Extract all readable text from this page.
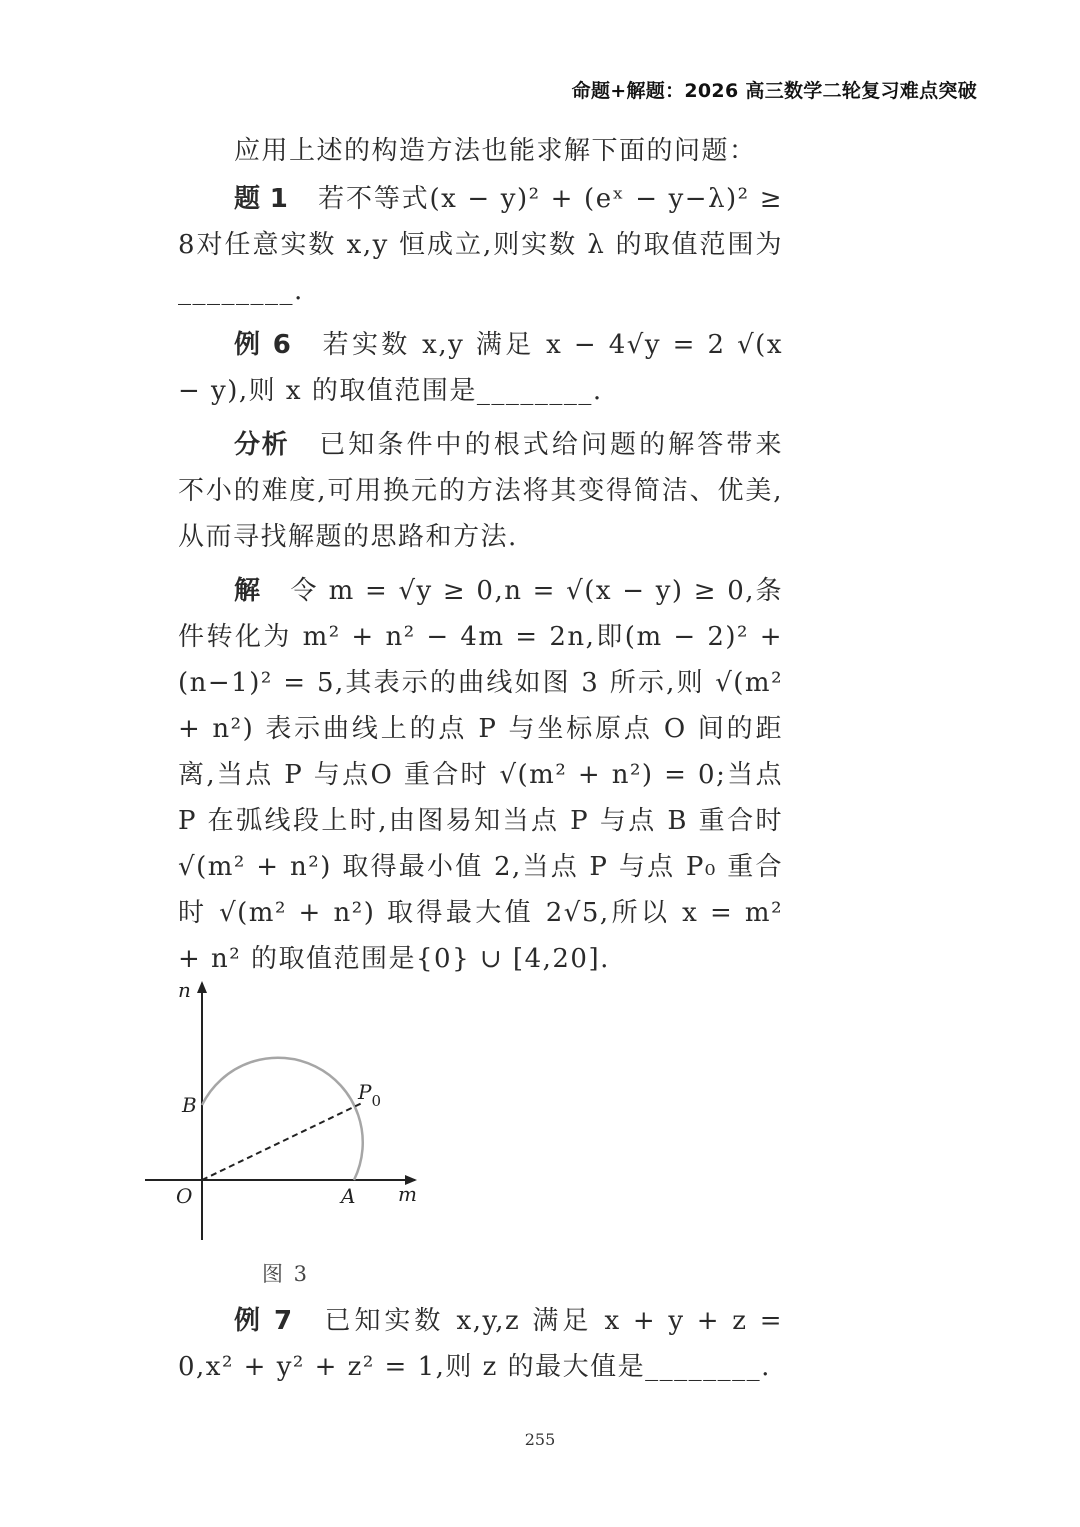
命题+解题：2026 高三数学二轮复习难点突破

应用上述的构造方法也能求解下面的问题：

题 1 若不等式(x − y)² + (eˣ − y−λ)² ≥ 8对任意实数 x,y 恒成立,则实数 λ 的取值范围为________.

例 6 若实数 x,y 满足 x − 4√y = 2 √(x − y),则 x 的取值范围是________.

分析 已知条件中的根式给问题的解答带来不小的难度,可用换元的方法将其变得简洁、优美,从而寻找解题的思路和方法.

解 令 m = √y ≥ 0,n = √(x − y) ≥ 0,条件转化为 m² + n² − 4m = 2n,即(m − 2)² + (n−1)² = 5,其表示的曲线如图 3 所示,则 √(m² + n²) 表示曲线上的点 P 与坐标原点 O 间的距离,当点 P 与点O 重合时 √(m² + n²) = 0;当点 P 在弧线段上时,由图易知当点 P 与点 B 重合时 √(m² + n²) 取得最小值 2,当点 P 与点 P₀ 重合时 √(m² + n²) 取得最大值 2√5,所以 x = m² + n² 的取值范围是{0} ∪ [4,20].

n
B
$P_0$
O	A m
图 3

例 7 已知实数 x,y,z 满足 x + y + z = 0,x² + y² + z² = 1,则 z 的最大值是________.

255
